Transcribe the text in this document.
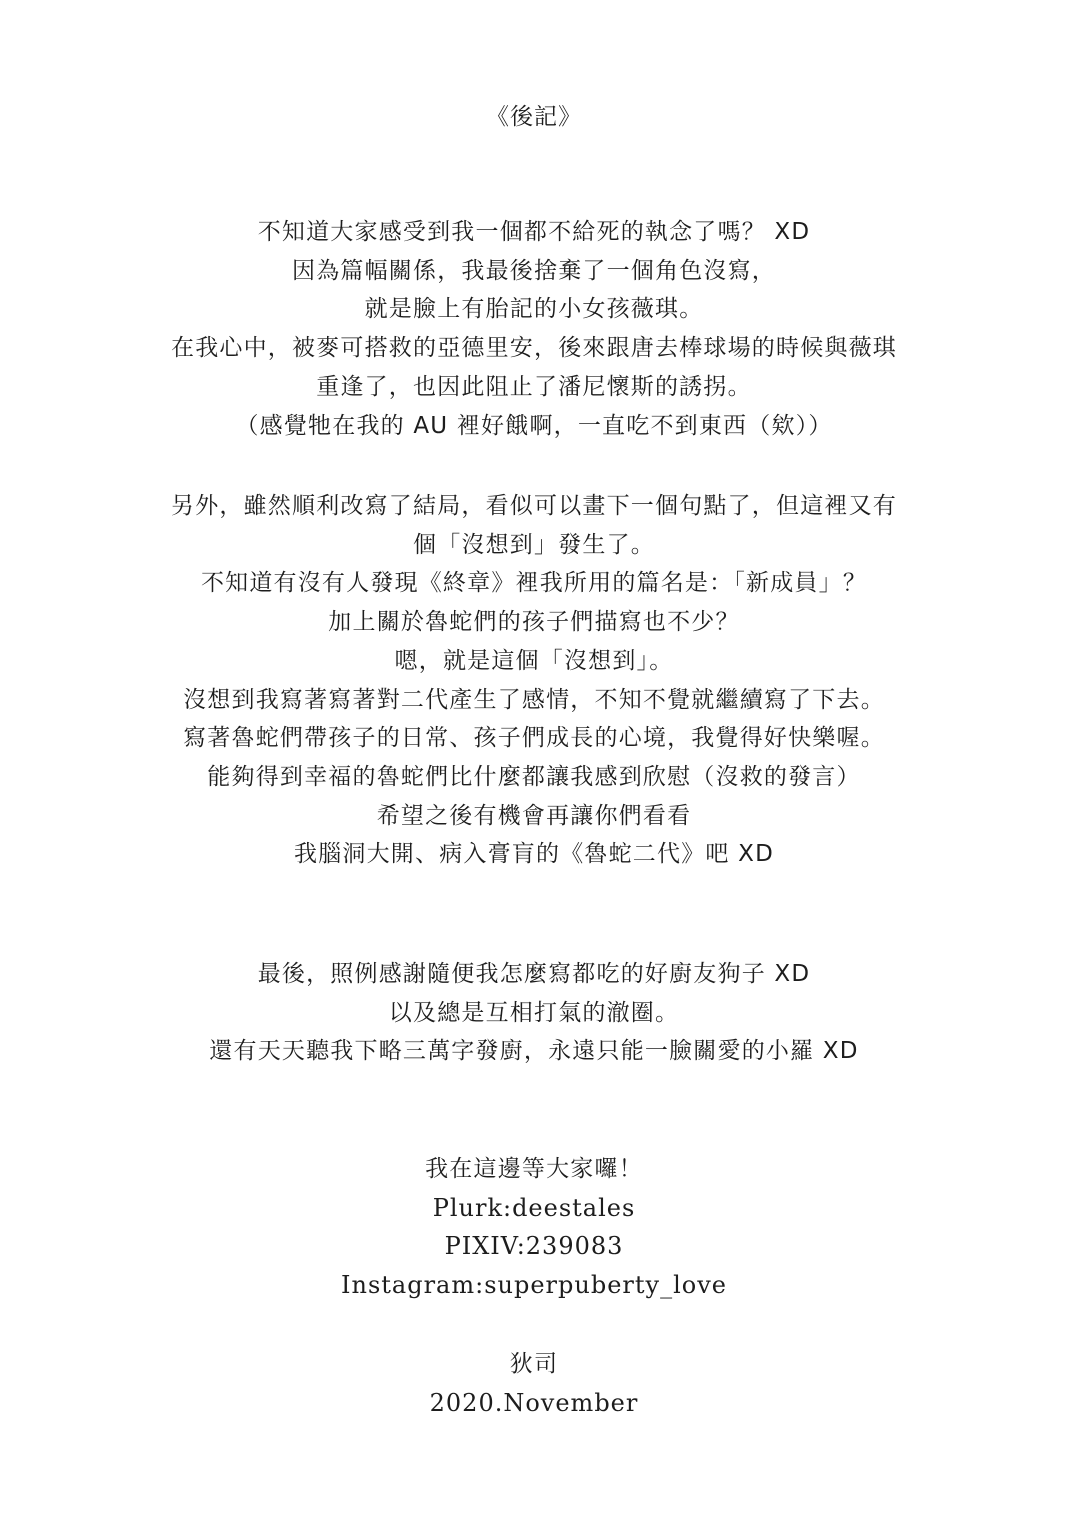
《後記》
不知道大家感受到我一個都不給死的執念了嗎？ XD
因為篇幅關係，我最後捨棄了一個角色沒寫，
就是臉上有胎記的小女孩薇琪。
在我心中，被麥可搭救的亞德里安，後來跟唐去棒球場的時候與薇琪
重逢了，也因此阻止了潘尼懷斯的誘拐。
（感覺牠在我的 AU 裡好餓啊，一直吃不到東西（欸））
另外，雖然順利改寫了結局，看似可以畫下一個句點了，但這裡又有
個「沒想到」發生了。
不知道有沒有人發現《終章》裡我所用的篇名是：「新成員」？
加上關於魯蛇們的孩子們描寫也不少？
嗯，就是這個「沒想到」。
沒想到我寫著寫著對二代產生了感情，不知不覺就繼續寫了下去。
寫著魯蛇們帶孩子的日常、孩子們成長的心境，我覺得好快樂喔。
能夠得到幸福的魯蛇們比什麼都讓我感到欣慰（沒救的發言）
希望之後有機會再讓你們看看
我腦洞大開、病入膏肓的《魯蛇二代》吧 XD
最後，照例感謝隨便我怎麼寫都吃的好廚友狗子 XD
以及總是互相打氣的澈圈。
還有天天聽我下略三萬字發廚，永遠只能一臉關愛的小羅 XD
我在這邊等大家囉！
Plurk:deestales
PIXIV:239083
Instagram:superpuberty_love
狄司
2020.November
